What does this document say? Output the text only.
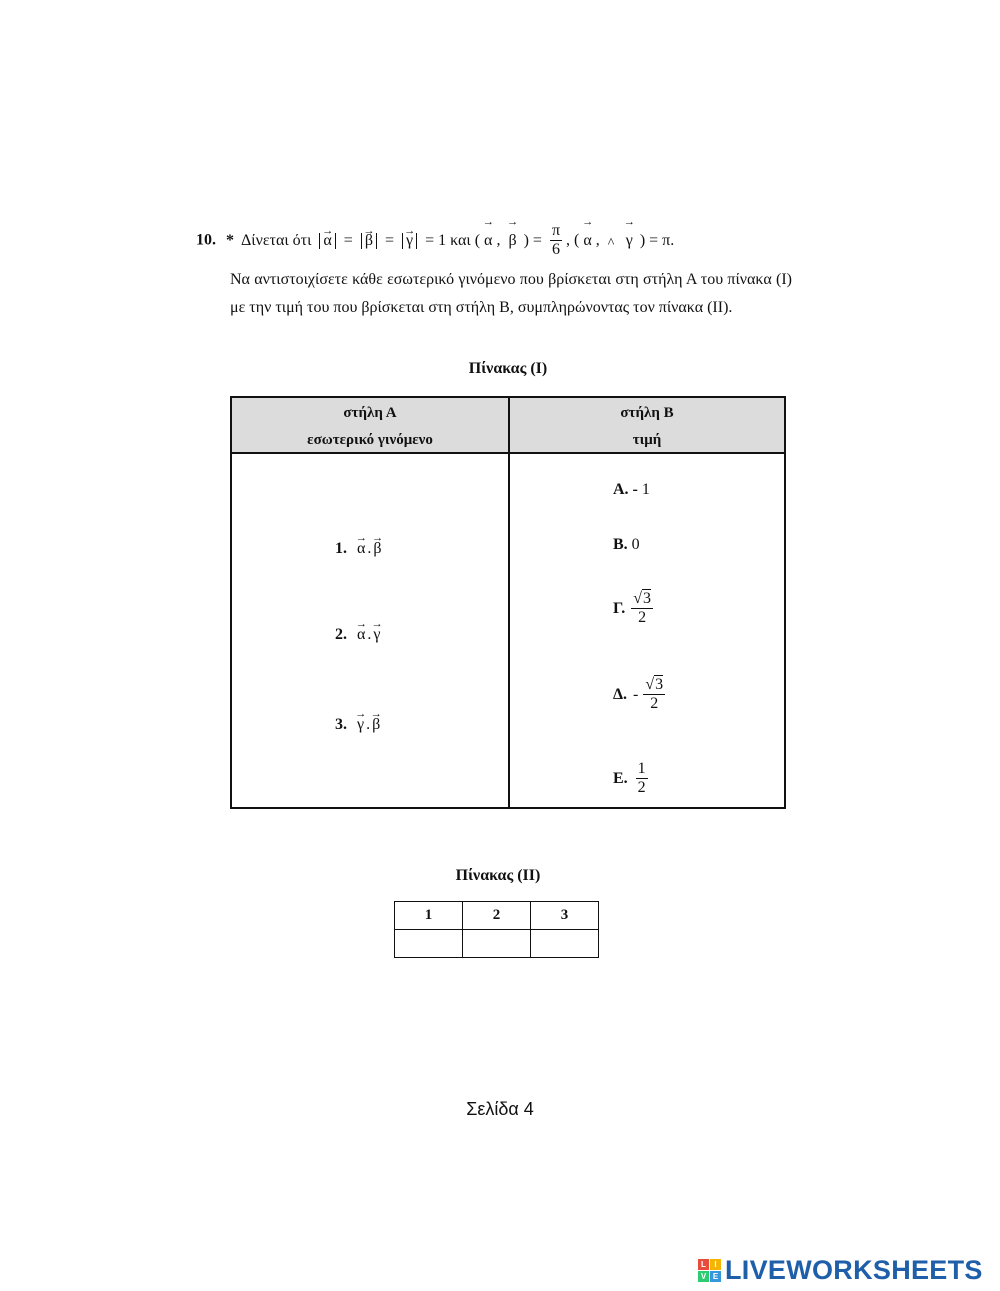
10. * Δίνεται ότι → α = → β = → γ = 1 και ( → α , → β ) = $\frac{\pi}{6}$ , ( → α , ^ → γ ) = π.
Να αντιστοιχίσετε κάθε εσωτερικό γινόμενο που βρίσκεται στη στήλη Α του πίνακα (Ι) με την τιμή του που βρίσκεται στη στήλη Β, συμπληρώνοντας τον πίνακα (ΙΙ).
Πίνακας (Ι)
στήλη Α
εσωτερικό γινόμενο
στήλη Β
τιμή
1. → α . → β
2. → α . → γ
3. → γ . → β
Α. - 1
Β. 0
Γ. $\frac{√3}{2}$
Δ. - $\frac{√3}{2}$
Ε. $\frac{1}{2}$
Πίνακας (ΙΙ)
1	2	3

Σελίδα 4
L	I
V E LIVEWORKSHEETS
